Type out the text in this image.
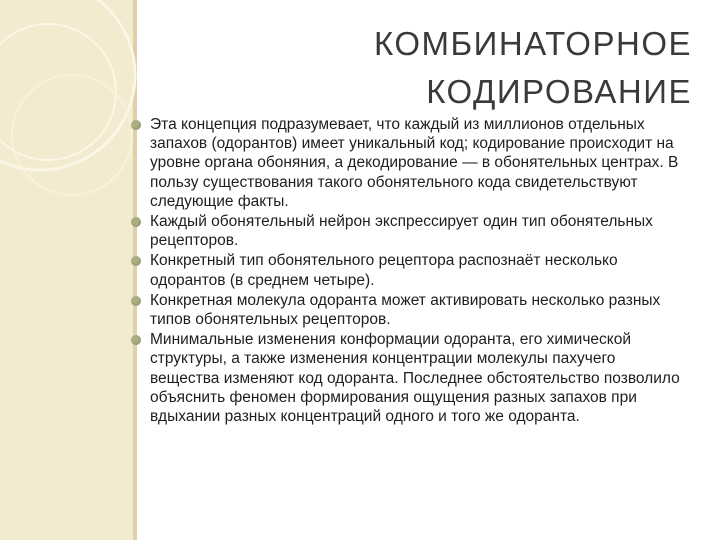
КОМБИНАТОРНОЕ
КОДИРОВАНИЕ
Эта концепция подразумевает, что каждый из миллионов отдельных запахов (одорантов) имеет уникальный код; кодирование происходит на уровне органа обоняния, а декодирование — в обонятельных центрах. В пользу существования такого обонятельного кода свидетельствуют следующие факты.
Каждый обонятельный нейрон экспрессирует один тип обонятельных рецепторов.
Конкретный тип обонятельного рецептора распознаёт несколько одорантов (в среднем четыре).
Конкретная молекула одоранта может активировать несколько разных типов обонятельных рецепторов.
Минимальные изменения конформации одоранта, его химической структуры, а также изменения концентрации молекулы пахучего вещества изменяют код одоранта. Последнее обстоятельство позволило объяснить феномен формирования ощущения разных запахов при вдыхании разных концентраций одного и того же одоранта.
